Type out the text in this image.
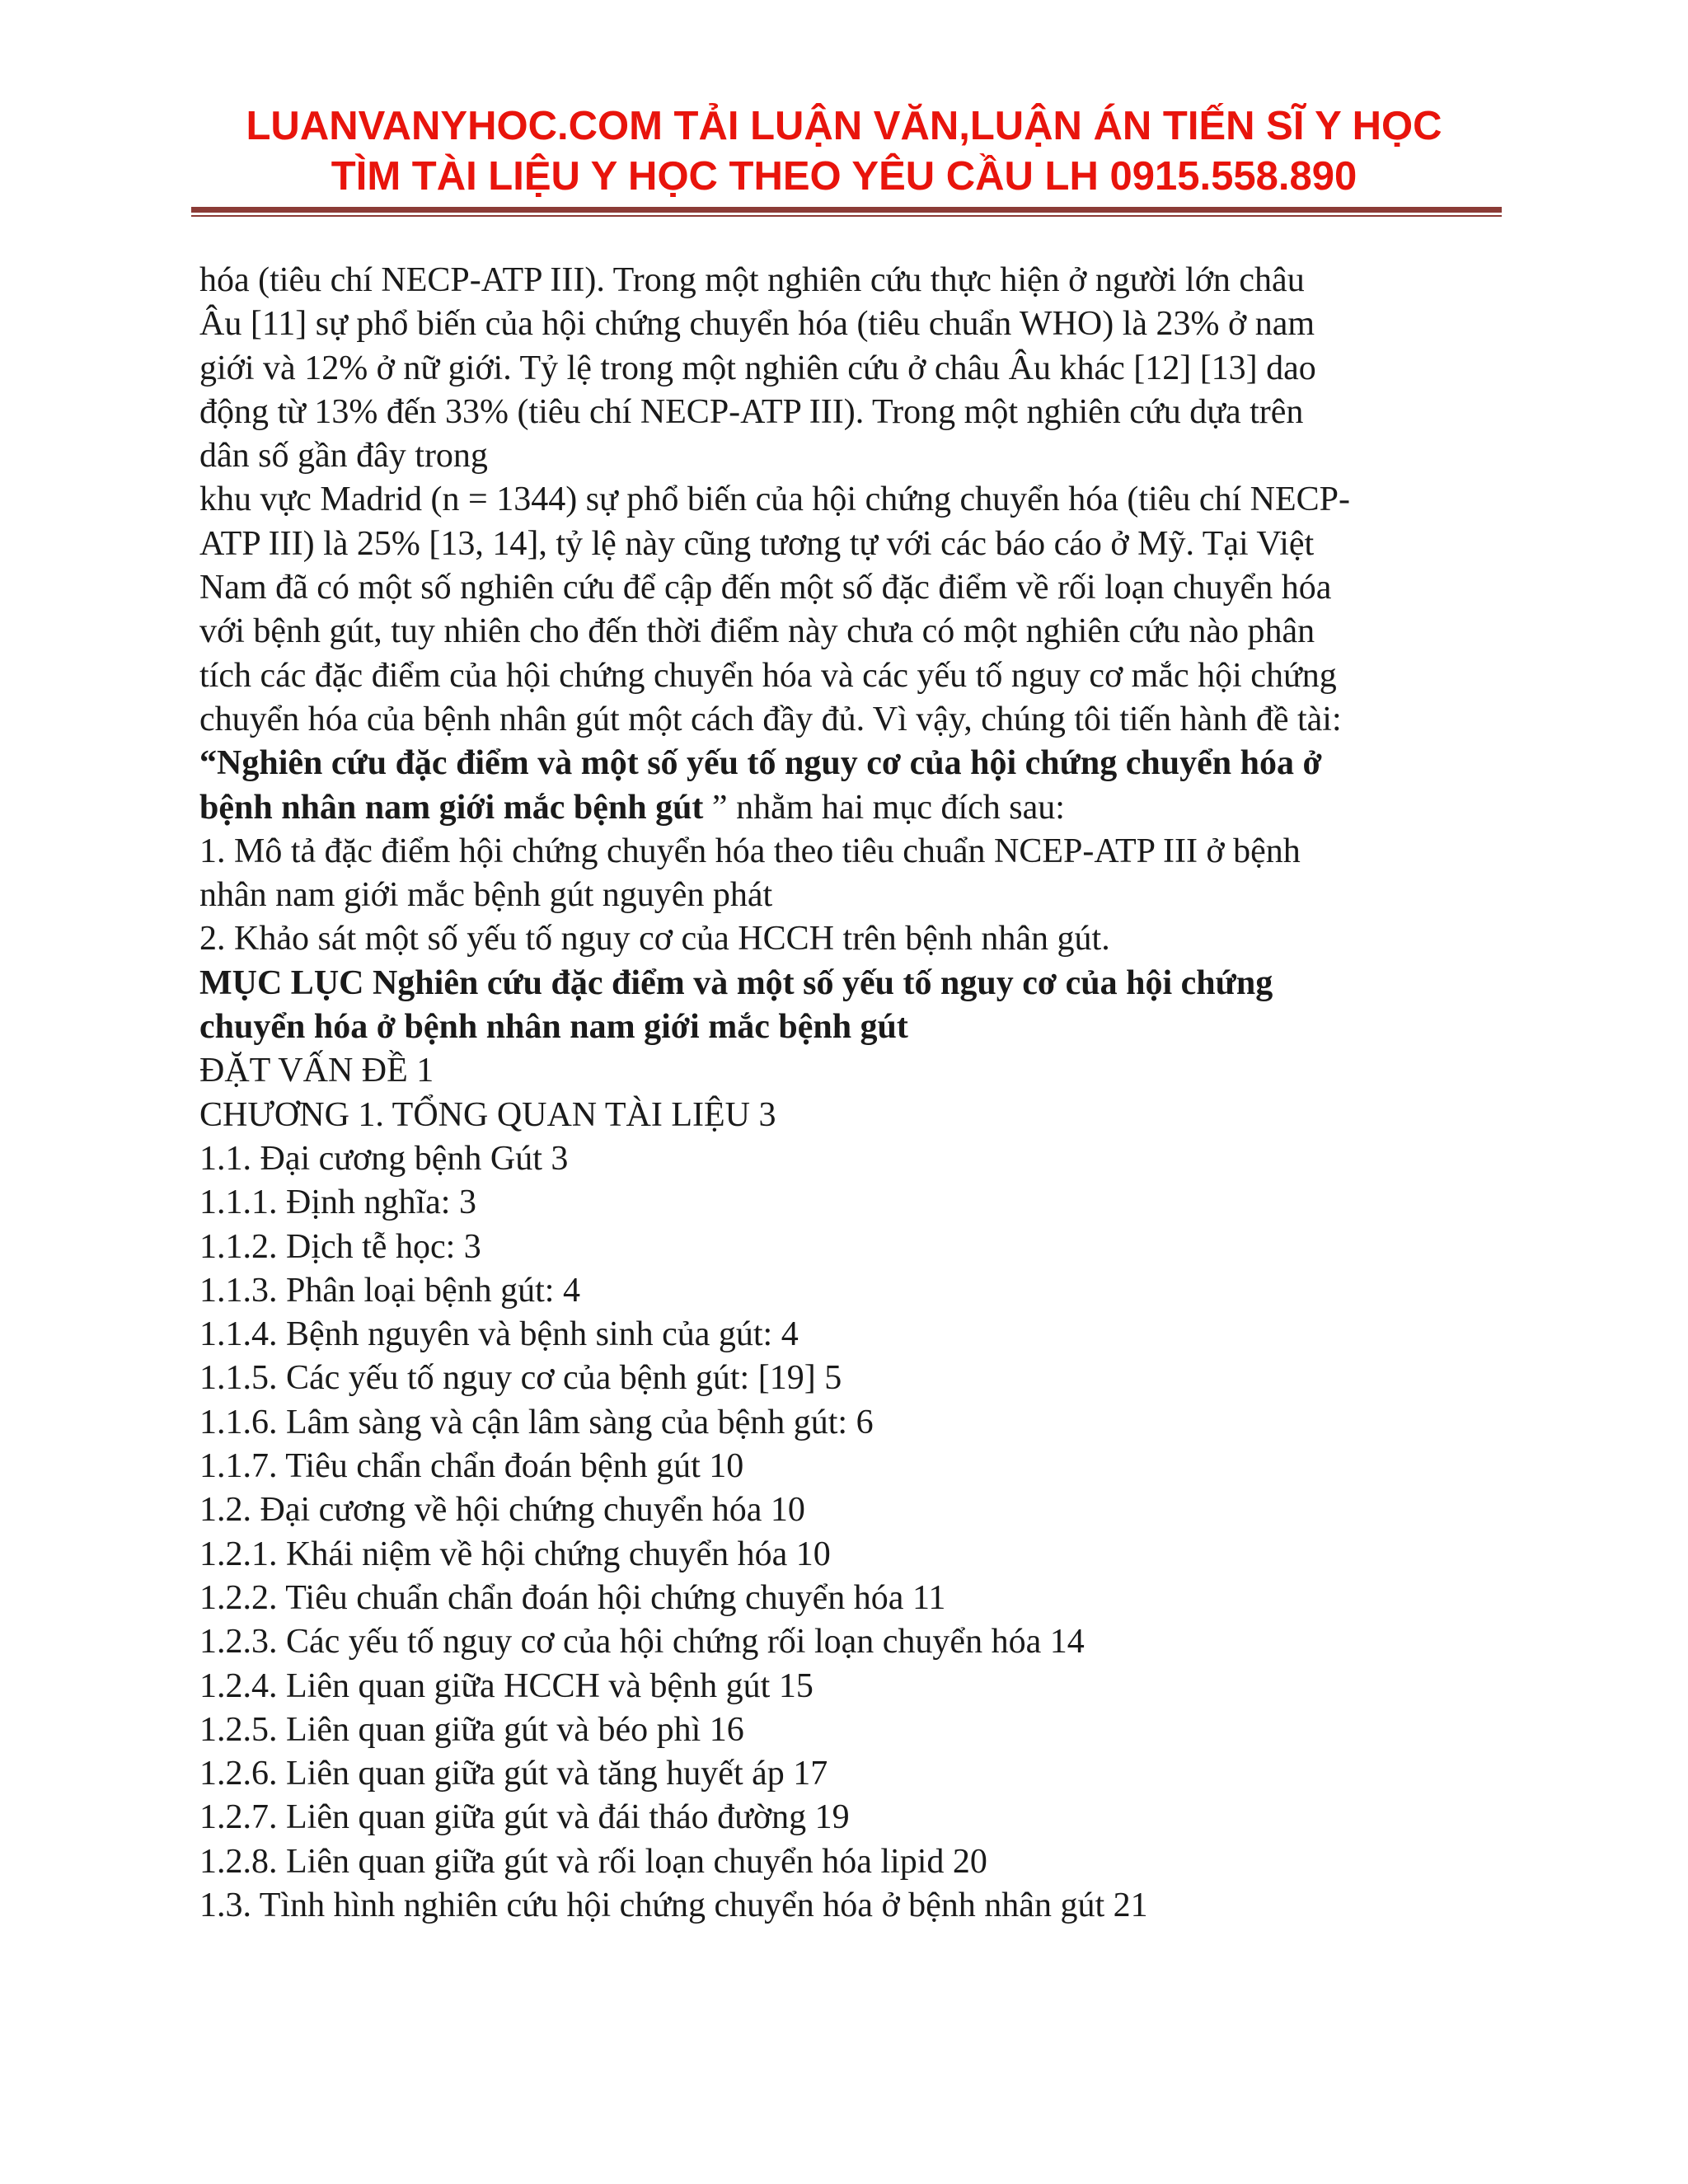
LUANVANYHOC.COM TẢI LUẬN VĂN,LUẬN ÁN TIẾN SĨ Y HỌC
TÌM TÀI LIỆU Y HỌC THEO YÊU CẦU LH 0915.558.890
hóa (tiêu chí NECP-ATP III). Trong một nghiên cứu thực hiện ở người lớn châu
Âu [11] sự phổ biến của hội chứng chuyển hóa (tiêu chuẩn WHO) là 23% ở nam
giới và 12% ở nữ giới. Tỷ lệ trong một nghiên cứu ở châu Âu khác [12] [13] dao
động từ 13% đến 33% (tiêu chí NECP-ATP III). Trong một nghiên cứu dựa trên
dân số gần đây trong
khu vực Madrid (n = 1344) sự phổ biến của hội chứng chuyển hóa (tiêu chí NECP-
ATP III) là 25% [13, 14], tỷ lệ này cũng tương tự với các báo cáo ở Mỹ. Tại Việt
Nam đã có một số nghiên cứu để cập đến một số đặc điểm về rối loạn chuyển hóa
với bệnh gút, tuy nhiên cho đến thời điểm này chưa có một nghiên cứu nào phân
tích các đặc điểm của hội chứng chuyển hóa và các yếu tố nguy cơ mắc hội chứng
chuyển hóa của bệnh nhân gút một cách đầy đủ. Vì vậy, chúng tôi tiến hành đề tài:
“Nghiên cứu đặc điểm và một số yếu tố nguy cơ của hội chứng chuyển hóa ở
bệnh nhân nam giới mắc bệnh gút ” nhằm hai mục đích sau:
1. Mô tả đặc điểm hội chứng chuyển hóa theo tiêu chuẩn NCEP-ATP III ở bệnh
nhân nam giới mắc bệnh gút nguyên phát
2. Khảo sát một số yếu tố nguy cơ của HCCH trên bệnh nhân gút.
MỤC LỤC Nghiên cứu đặc điểm và một số yếu tố nguy cơ của hội chứng
chuyển hóa ở bệnh nhân nam giới mắc bệnh gút
ĐẶT VẤN ĐỀ 1
CHƯƠNG 1. TỔNG QUAN TÀI LIỆU 3
1.1. Đại cương bệnh Gút 3
1.1.1. Định nghĩa: 3
1.1.2. Dịch tễ học: 3
1.1.3. Phân loại bệnh gút: 4
1.1.4. Bệnh nguyên và bệnh sinh của gút: 4
1.1.5. Các yếu tố nguy cơ của bệnh gút: [19] 5
1.1.6. Lâm sàng và cận lâm sàng của bệnh gút: 6
1.1.7. Tiêu chẩn chẩn đoán bệnh gút 10
1.2. Đại cương về hội chứng chuyển hóa 10
1.2.1. Khái niệm về hội chứng chuyển hóa 10
1.2.2. Tiêu chuẩn chẩn đoán hội chứng chuyển hóa 11
1.2.3. Các yếu tố nguy cơ của hội chứng rối loạn chuyển hóa 14
1.2.4. Liên quan giữa HCCH và bệnh gút 15
1.2.5. Liên quan giữa gút và béo phì 16
1.2.6. Liên quan giữa gút và tăng huyết áp 17
1.2.7. Liên quan giữa gút và đái tháo đường 19
1.2.8. Liên quan giữa gút và rối loạn chuyển hóa lipid 20
1.3. Tình hình nghiên cứu hội chứng chuyển hóa ở bệnh nhân gút 21
